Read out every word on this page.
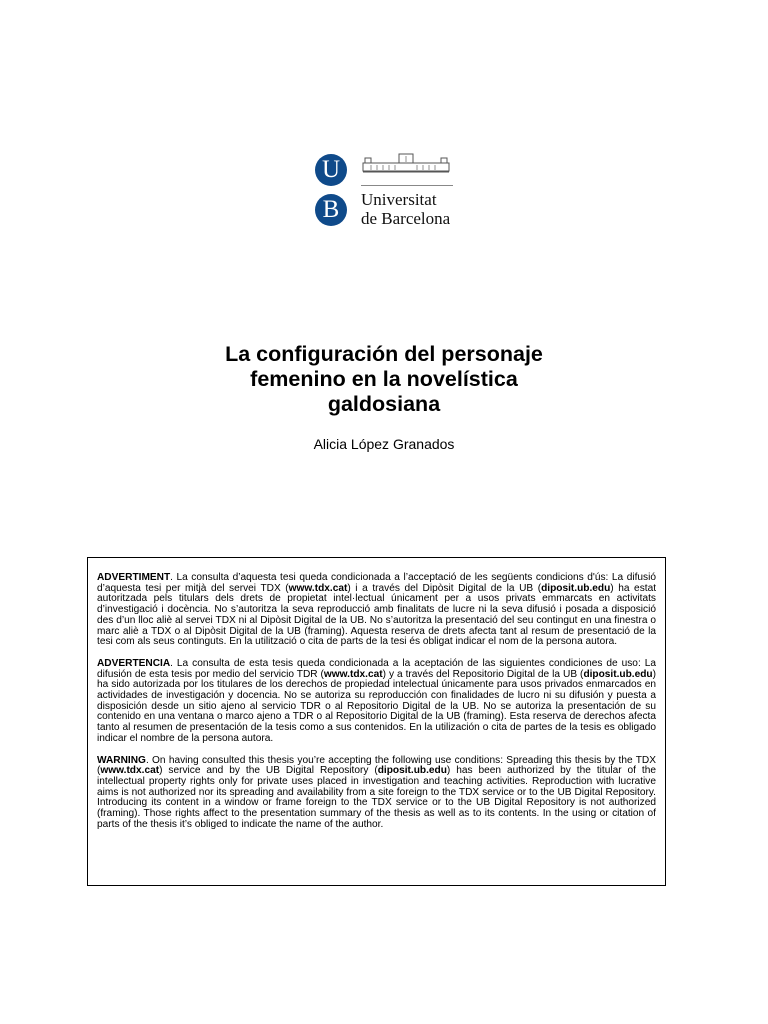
U
B	Universitat
de Barcelona
La configuración del personaje
femenino en la novelística
galdosiana
Alicia López Granados

ADVERTIMENT. La consulta d’aquesta tesi queda condicionada a l’acceptació de les següents condicions d'ús: La difusió d’aquesta tesi per mitjà del servei TDX (www.tdx.cat) i a través del Dipòsit Digital de la UB (diposit.ub.edu) ha estat autoritzada pels titulars dels drets de propietat intel·lectual únicament per a usos privats emmarcats en activitats d’investigació i docència. No s’autoritza la seva reproducció amb finalitats de lucre ni la seva difusió i posada a disposició des d’un lloc aliè al servei TDX ni al Dipòsit Digital de la UB. No s’autoritza la presentació del seu contingut en una finestra o marc aliè a TDX o al Dipòsit Digital de la UB (framing). Aquesta reserva de drets afecta tant al resum de presentació de la tesi com als seus continguts. En la utilització o cita de parts de la tesi és obligat indicar el nom de la persona autora.

ADVERTENCIA. La consulta de esta tesis queda condicionada a la aceptación de las siguientes condiciones de uso: La difusión de esta tesis por medio del servicio TDR (www.tdx.cat) y a través del Repositorio Digital de la UB (diposit.ub.edu) ha sido autorizada por los titulares de los derechos de propiedad intelectual únicamente para usos privados enmarcados en actividades de investigación y docencia. No se autoriza su reproducción con finalidades de lucro ni su difusión y puesta a disposición desde un sitio ajeno al servicio TDR o al Repositorio Digital de la UB. No se autoriza la presentación de su contenido en una ventana o marco ajeno a TDR o al Repositorio Digital de la UB (framing). Esta reserva de derechos afecta tanto al resumen de presentación de la tesis como a sus contenidos. En la utilización o cita de partes de la tesis es obligado indicar el nombre de la persona autora.

WARNING. On having consulted this thesis you’re accepting the following use conditions: Spreading this thesis by the TDX (www.tdx.cat) service and by the UB Digital Repository (diposit.ub.edu) has been authorized by the titular of the intellectual property rights only for private uses placed in investigation and teaching activities. Reproduction with lucrative aims is not authorized nor its spreading and availability from a site foreign to the TDX service or to the UB Digital Repository. Introducing its content in a window or frame foreign to the TDX service or to the UB Digital Repository is not authorized (framing). Those rights affect to the presentation summary of the thesis as well as to its contents. In the using or citation of parts of the thesis it’s obliged to indicate the name of the author.
